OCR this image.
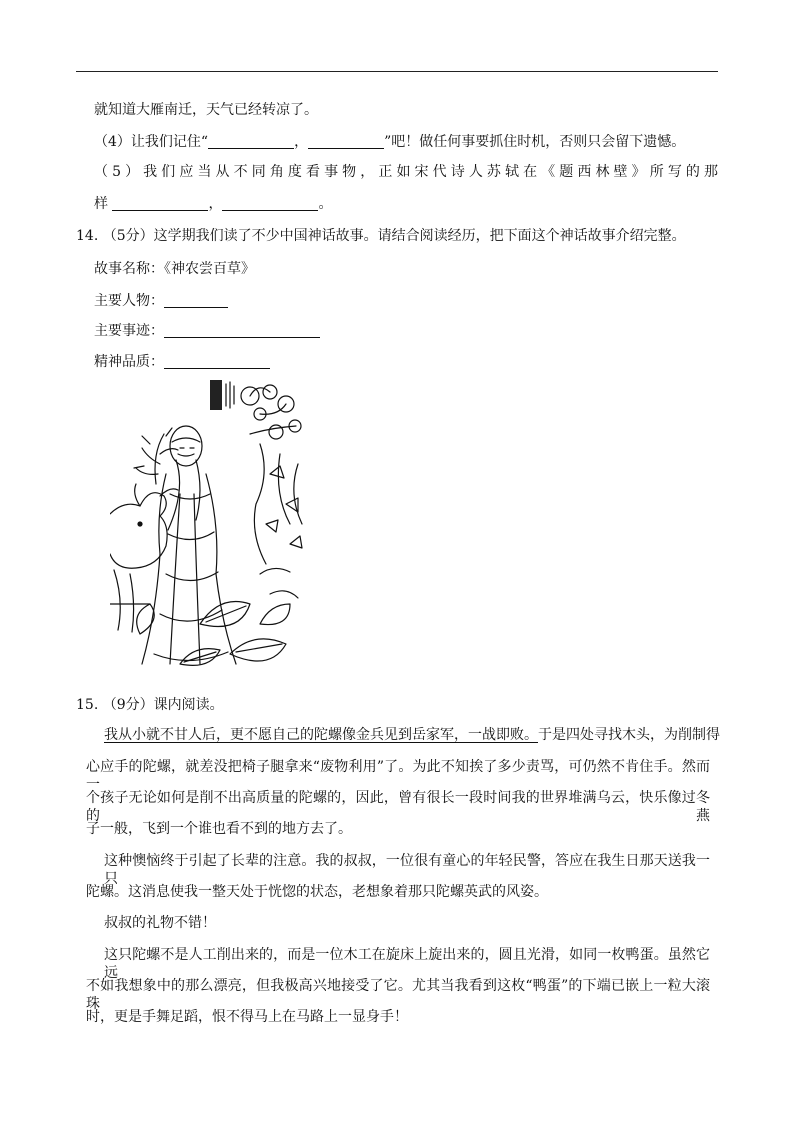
就知道大雁南迁，天气已经转凉了。
（4）让我们记住“	，	”吧！做任何事要抓住时机，否则只会留下遗憾。
（5）我们应当从不同角度看事物，正如宋代诗人苏轼在《题西林壁》所写的那
样	，	。
14. （5分）这学期我们读了不少中国神话故事。请结合阅读经历，把下面这个神话故事介绍完整。
故事名称：《神农尝百草》
主要人物：
主要事迹：
精神品质：
15. （9分）课内阅读。
我从小就不甘人后，更不愿自己的陀螺像金兵见到岳家军，一战即败。于是四处寻找木头，为削制得
心应手的陀螺，就差没把椅子腿拿来“废物利用”了。为此不知挨了多少责骂，可仍然不肯住手。然而一
个孩子无论如何是削不出高质量的陀螺的，因此，曾有很长一段时间我的世界堆满乌云，快乐像过冬的燕
子一般，飞到一个谁也看不到的地方去了。
这种懊恼终于引起了长辈的注意。我的叔叔，一位很有童心的年轻民警，答应在我生日那天送我一只
陀螺。这消息使我一整天处于恍惚的状态，老想象着那只陀螺英武的风姿。
叔叔的礼物不错！
这只陀螺不是人工削出来的，而是一位木工在旋床上旋出来的，圆且光滑，如同一枚鸭蛋。虽然它远
不如我想象中的那么漂亮，但我极高兴地接受了它。尤其当我看到这枚“鸭蛋”的下端已嵌上一粒大滚珠
时，更是手舞足蹈，恨不得马上在马路上一显身手！
